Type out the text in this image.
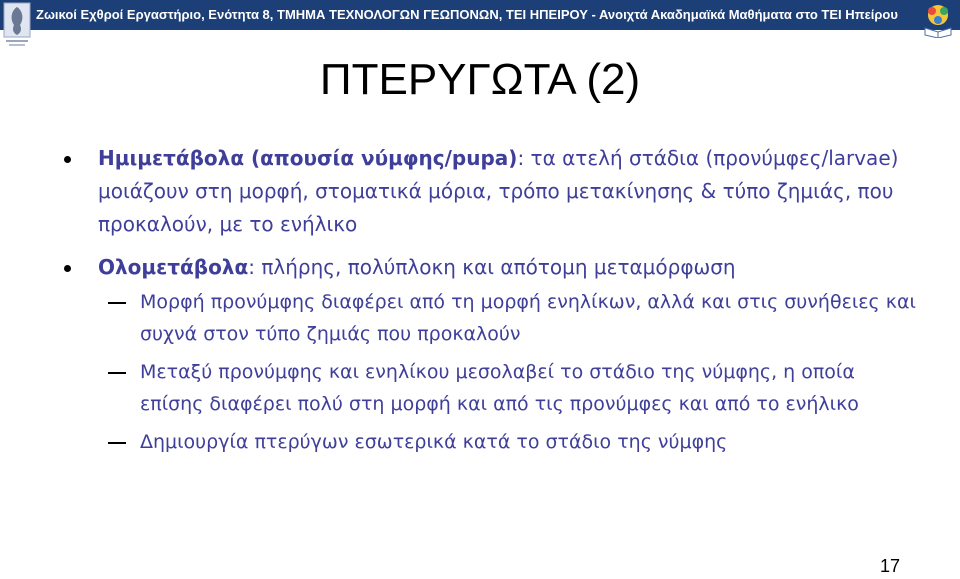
Ζωικοί Εχθροί Εργαστήριο, Ενότητα 8, ΤΜΗΜΑ ΤΕΧΝΟΛΟΓΩΝ ΓΕΩΠΟΝΩΝ, ΤΕΙ ΗΠΕΙΡΟΥ - Ανοιχτά Ακαδημαϊκά Μαθήματα στο ΤΕΙ Ηπείρου
ΠΤΕΡΥΓΩΤΑ (2)
Ημιμετάβολα (απουσία νύμφης/pupa): τα ατελή στάδια (προνύμφες/larvae) μοιάζουν στη μορφή, στοματικά μόρια, τρόπο μετακίνησης & τύπο ζημιάς, που προκαλούν, με το ενήλικο
Ολομετάβολα: πλήρης, πολύπλοκη και απότομη μεταμόρφωση
Μορφή προνύμφης διαφέρει από τη μορφή ενηλίκων, αλλά και στις συνήθειες και συχνά στον τύπο ζημιάς που προκαλούν
Μεταξύ προνύμφης και ενηλίκου μεσολαβεί το στάδιο της νύμφης, η οποία επίσης διαφέρει πολύ στη μορφή και από τις προνύμφες και από το ενήλικο
Δημιουργία πτερύγων εσωτερικά κατά το στάδιο της νύμφης
17
